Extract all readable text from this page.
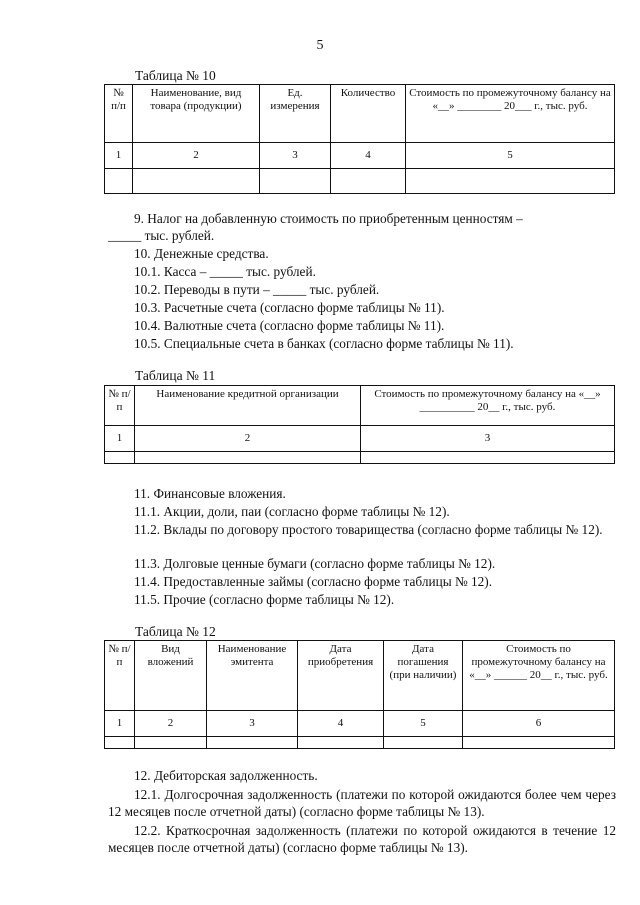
5
Таблица № 10
№ п/п	Наименование, вид товара (продукции)	Ед. измерения	Количество	Стоимость по промежуточному балансу на «__» ________ 20___ г., тыс. руб.
1	2	3	4	5

9. Налог на добавленную стоимость по приобретенным ценностям –
_____ тыс. рублей.
10. Денежные средства.
10.1. Касса – _____ тыс. рублей.
10.2. Переводы в пути – _____ тыс. рублей.
10.3. Расчетные счета (согласно форме таблицы № 11).
10.4. Валютные счета (согласно форме таблицы № 11).
10.5. Специальные счета в банках (согласно форме таблицы № 11).
Таблица № 11
№ п/п	Наименование кредитной организации	Стоимость по промежуточному балансу на «__» __________ 20__ г., тыс. руб.
1	2	3

11. Финансовые вложения.
11.1. Акции, доли, паи (согласно форме таблицы № 12).
11.2. Вклады по договору простого товарищества (согласно форме таблицы № 12).
11.3. Долговые ценные бумаги (согласно форме таблицы № 12).
11.4. Предоставленные займы (согласно форме таблицы № 12).
11.5. Прочие (согласно форме таблицы № 12).
Таблица № 12
№ п/п	Вид вложений	Наименование эмитента	Дата приобретения	Дата погашения (при наличии)	Стоимость по промежуточному балансу на «__» ______ 20__ г., тыс. руб.
1	2	3	4	5	6

12. Дебиторская задолженность.
12.1. Долгосрочная задолженность (платежи по которой ожидаются более чем через 12 месяцев после отчетной даты) (согласно форме таблицы № 13).
12.2. Краткосрочная задолженность (платежи по которой ожидаются в течение 12 месяцев после отчетной даты) (согласно форме таблицы № 13).
